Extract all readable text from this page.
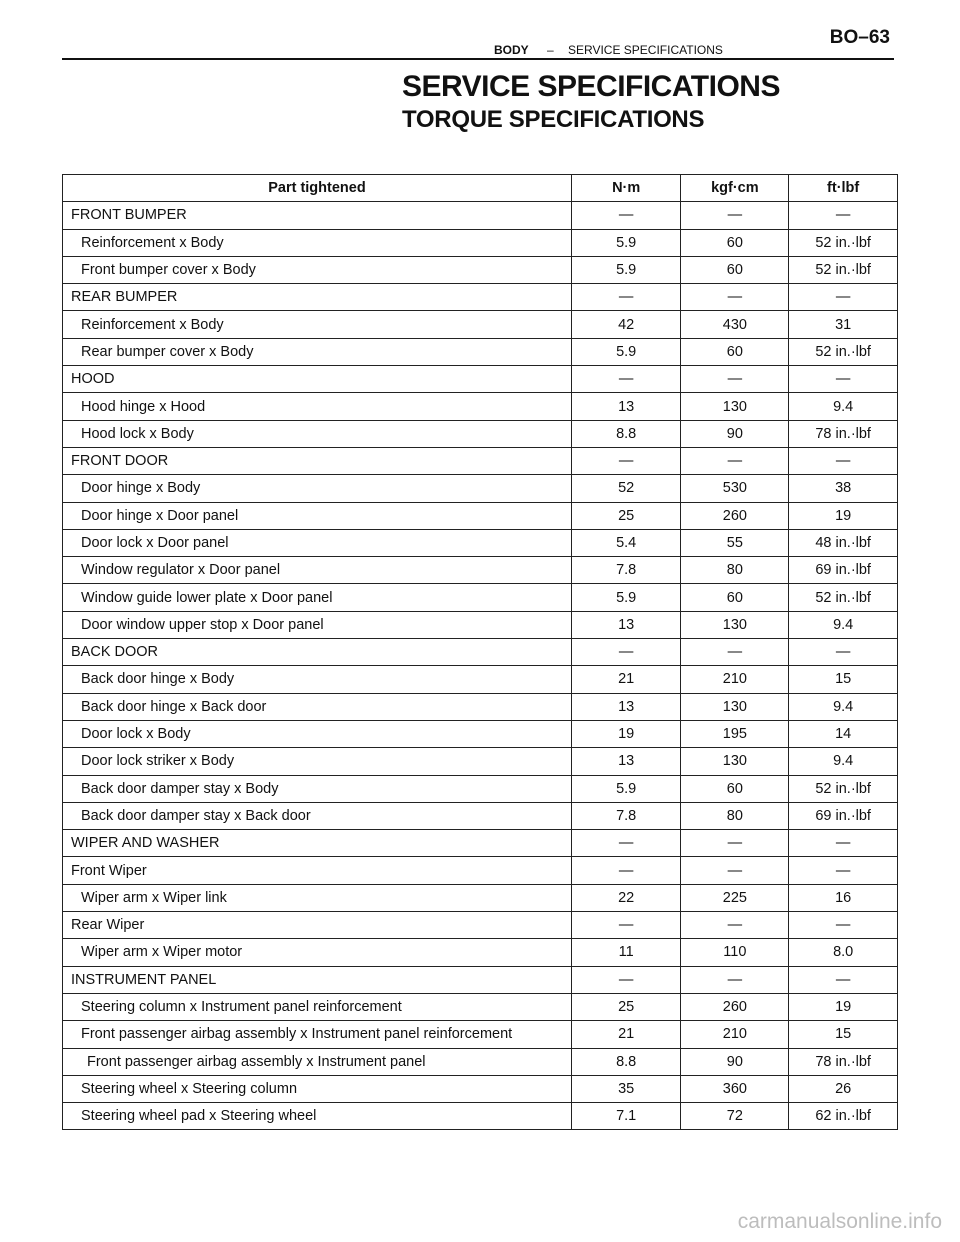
BODY – SERVICE SPECIFICATIONS
BO–63
SERVICE SPECIFICATIONS
TORQUE SPECIFICATIONS
Part tightened	N·m	kgf·cm	ft·lbf
FRONT BUMPER	—	—	—
Reinforcement x Body	5.9	60	52 in.·lbf
Front bumper cover x Body	5.9	60	52 in.·lbf
REAR BUMPER	—	—	—
Reinforcement x Body	42	430	31
Rear bumper cover x Body	5.9	60	52 in.·lbf
HOOD	—	—	—
Hood hinge x Hood	13	130	9.4
Hood lock x Body	8.8	90	78 in.·lbf
FRONT DOOR	—	—	—
Door hinge x Body	52	530	38
Door hinge x Door panel	25	260	19
Door lock x Door panel	5.4	55	48 in.·lbf
Window regulator x Door panel	7.8	80	69 in.·lbf
Window guide lower plate x Door panel	5.9	60	52 in.·lbf
Door window upper stop x Door panel	13	130	9.4
BACK DOOR	—	—	—
Back door hinge x Body	21	210	15
Back door hinge x Back door	13	130	9.4
Door lock x Body	19	195	14
Door lock striker x Body	13	130	9.4
Back door damper stay x Body	5.9	60	52 in.·lbf
Back door damper stay x Back door	7.8	80	69 in.·lbf
WIPER AND WASHER	—	—	—
Front Wiper	—	—	—
Wiper arm x Wiper link	22	225	16
Rear Wiper	—	—	—
Wiper arm x Wiper motor	11	110	8.0
INSTRUMENT PANEL	—	—	—
Steering column x Instrument panel reinforcement	25	260	19
Front passenger airbag assembly x Instrument panel reinforcement	21	210	15
Front passenger airbag assembly x Instrument panel	8.8	90	78 in.·lbf
Steering wheel x Steering column	35	360	26
Steering wheel pad x Steering wheel	7.1	72	62 in.·lbf
carmanualsonline.info
